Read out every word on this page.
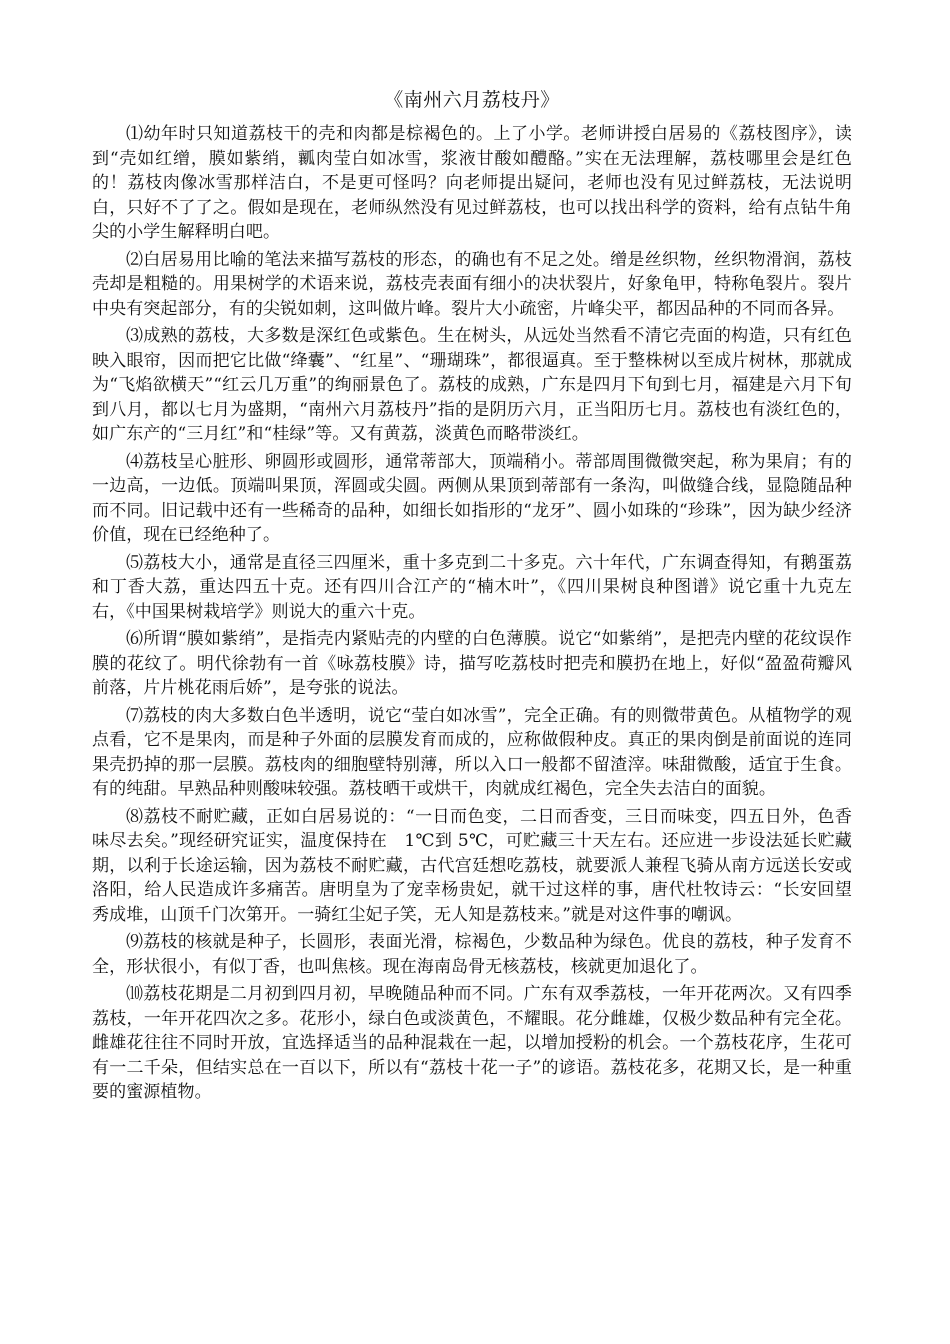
《南州六月荔枝丹》

⑴幼年时只知道荔枝干的壳和肉都是棕褐色的。上了小学。老师讲授白居易的《荔枝图序》，读到“壳如红缯，膜如紫绡，瓤肉莹白如冰雪，浆液甘酸如醴酪。”实在无法理解，荔枝哪里会是红色的！荔枝肉像冰雪那样洁白，不是更可怪吗？向老师提出疑问，老师也没有见过鲜荔枝，无法说明白，只好不了了之。假如是现在，老师纵然没有见过鲜荔枝，也可以找出科学的资料，给有点钻牛角尖的小学生解释明白吧。

⑵白居易用比喻的笔法来描写荔枝的形态，的确也有不足之处。缯是丝织物，丝织物滑润，荔枝壳却是粗糙的。用果树学的术语来说，荔枝壳表面有细小的决状裂片，好象龟甲，特称龟裂片。裂片中央有突起部分，有的尖锐如刺，这叫做片峰。裂片大小疏密，片峰尖平，都因品种的不同而各异。

⑶成熟的荔枝，大多数是深红色或紫色。生在树头，从远处当然看不清它壳面的构造，只有红色映入眼帘，因而把它比做“绛囊”、“红星”、“珊瑚珠”，都很逼真。至于整株树以至成片树林，那就成为“飞焰欲横天”“红云几万重”的绚丽景色了。荔枝的成熟，广东是四月下旬到七月，福建是六月下旬到八月，都以七月为盛期，“南州六月荔枝丹”指的是阴历六月，正当阳历七月。荔枝也有淡红色的，如广东产的“三月红”和“桂绿”等。又有黄荔，淡黄色而略带淡红。

⑷荔枝呈心脏形、卵圆形或圆形，通常蒂部大，顶端稍小。蒂部周围微微突起，称为果肩；有的一边高，一边低。顶端叫果顶，浑圆或尖圆。两侧从果顶到蒂部有一条沟，叫做缝合线，显隐随品种而不同。旧记载中还有一些稀奇的品种，如细长如指形的“龙牙”、圆小如珠的“珍珠”，因为缺少经济价值，现在已经绝种了。

⑸荔枝大小，通常是直径三四厘米，重十多克到二十多克。六十年代，广东调查得知，有鹅蛋荔和丁香大荔，重达四五十克。还有四川合江产的“楠木叶”，《四川果树良种图谱》说它重十九克左右，《中国果树栽培学》则说大的重六十克。

⑹所谓“膜如紫绡”，是指壳内紧贴壳的内壁的白色薄膜。说它“如紫绡”，是把壳内壁的花纹误作膜的花纹了。明代徐勃有一首《咏荔枝膜》诗，描写吃荔枝时把壳和膜扔在地上，好似“盈盈荷瓣风前落，片片桃花雨后娇”，是夸张的说法。

⑺荔枝的肉大多数白色半透明，说它“莹白如冰雪”，完全正确。有的则微带黄色。从植物学的观点看，它不是果肉，而是种子外面的层膜发育而成的，应称做假种皮。真正的果肉倒是前面说的连同果壳扔掉的那一层膜。荔枝肉的细胞壁特别薄，所以入口一般都不留渣滓。味甜微酸，适宜于生食。有的纯甜。早熟品种则酸味较强。荔枝晒干或烘干，肉就成红褐色，完全失去洁白的面貌。

⑻荔枝不耐贮藏，正如白居易说的：“一日而色变，二日而香变，三日而味变，四五日外，色香味尽去矣。”现经研究证实，温度保持在　1℃到 5℃，可贮藏三十天左右。还应进一步设法延长贮藏期，以利于长途运输，因为荔枝不耐贮藏，古代宫廷想吃荔枝，就要派人兼程飞骑从南方远送长安或洛阳，给人民造成许多痛苦。唐明皇为了宠幸杨贵妃，就干过这样的事，唐代杜牧诗云：“长安回望秀成堆，山顶千门次第开。一骑红尘妃子笑，无人知是荔枝来。”就是对这件事的嘲讽。

⑼荔枝的核就是种子，长圆形，表面光滑，棕褐色，少数品种为绿色。优良的荔枝，种子发育不全，形状很小，有似丁香，也叫焦核。现在海南岛骨无核荔枝，核就更加退化了。

⑽荔枝花期是二月初到四月初，早晚随品种而不同。广东有双季荔枝，一年开花两次。又有四季荔枝，一年开花四次之多。花形小，绿白色或淡黄色，不耀眼。花分雌雄，仅极少数品种有完全花。雌雄花往往不同时开放，宜选择适当的品种混栽在一起，以增加授粉的机会。一个荔枝花序，生花可有一二千朵，但结实总在一百以下，所以有“荔枝十花一子”的谚语。荔枝花多，花期又长，是一种重要的蜜源植物。
